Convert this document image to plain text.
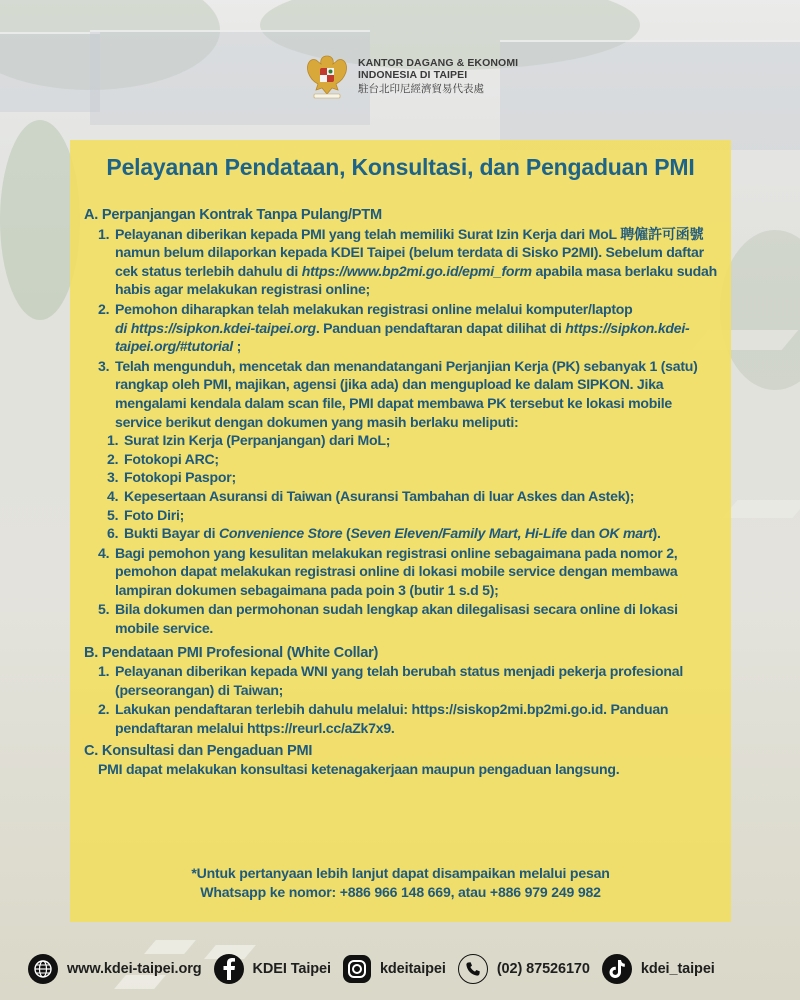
KANTOR DAGANG & EKONOMI
INDONESIA DI TAIPEI
駐台北印尼經濟貿易代表處
Pelayanan Pendataan, Konsultasi, dan Pengaduan PMI
A. Perpanjangan Kontrak Tanpa Pulang/PTM
1. Pelayanan diberikan kepada PMI yang telah memiliki Surat Izin Kerja dari MoL 聘僱許可函號 namun belum dilaporkan kepada KDEI Taipei (belum terdata di Sisko P2MI). Sebelum daftar cek status terlebih dahulu di https://www.bp2mi.go.id/epmi_form apabila masa berlaku sudah habis agar melakukan registrasi online;
2. Pemohon diharapkan telah melakukan registrasi online melalui komputer/laptop
di https://sipkon.kdei-taipei.org. Panduan pendaftaran dapat dilihat di https://sipkon.kdei-taipei.org/#tutorial ;
3. Telah mengunduh, mencetak dan menandatangani Perjanjian Kerja (PK) sebanyak 1 (satu) rangkap oleh PMI, majikan, agensi (jika ada) dan mengupload ke dalam SIPKON. Jika mengalami kendala dalam scan file, PMI dapat membawa PK tersebut ke lokasi mobile service berikut dengan dokumen yang masih berlaku meliputi:
1. Surat Izin Kerja (Perpanjangan) dari MoL;
2. Fotokopi ARC;
3. Fotokopi Paspor;
4. Kepesertaan Asuransi di Taiwan (Asuransi Tambahan di luar Askes dan Astek);
5. Foto Diri;
6. Bukti Bayar di Convenience Store (Seven Eleven/Family Mart, Hi-Life dan OK mart).
4. Bagi pemohon yang kesulitan melakukan registrasi online sebagaimana pada nomor 2, pemohon dapat melakukan registrasi online di lokasi mobile service dengan membawa lampiran dokumen sebagaimana pada poin 3 (butir 1 s.d 5);
5. Bila dokumen dan permohonan sudah lengkap akan dilegalisasi secara online di lokasi mobile service.
B. Pendataan PMI Profesional (White Collar)
1. Pelayanan diberikan kepada WNI yang telah berubah status menjadi pekerja profesional (perseorangan) di Taiwan;
2. Lakukan pendaftaran terlebih dahulu melalui: https://siskop2mi.bp2mi.go.id. Panduan pendaftaran melalui https://reurl.cc/aZk7x9.
C. Konsultasi dan Pengaduan PMI
PMI dapat melakukan konsultasi ketenagakerjaan maupun pengaduan langsung.
*Untuk pertanyaan lebih lanjut dapat disampaikan melalui pesan
Whatsapp ke nomor: +886 966 148 669, atau +886 979 249 982
www.kdei-taipei.org	KDEI Taipei	kdeitaipei	(02) 87526170	kdei_taipei
